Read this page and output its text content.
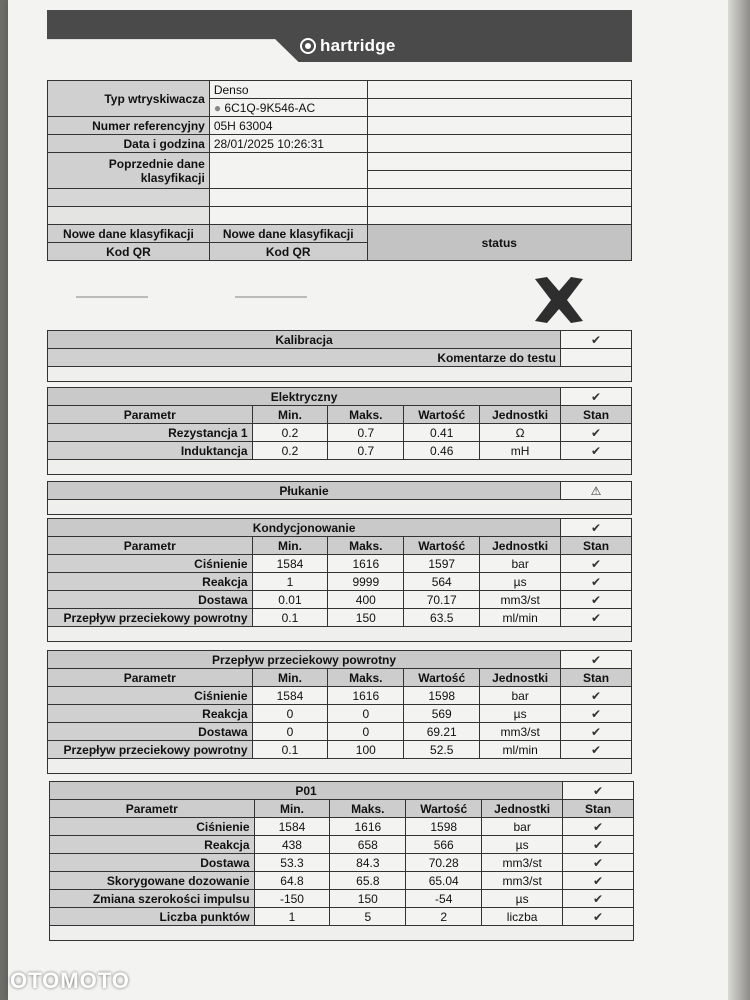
hartridge
Typ wtryskiwacza	Denso	
	● 6C1Q-9K546-AC	
Numer referencyjny	05H 63004	
Data i godzina	28/01/2025 10:26:31	
Poprzednie dane klasyfikacji		

Nowe dane klasyfikacji	Nowe dane klasyfikacji	status
Kod QR	Kod QR	
Kalibracja	✔
Komentarze do testu	

Elektryczny					✔
Parametr	Min.	Maks.	Wartość	Jednostki	Stan
Rezystancja 1	0.2	0.7	0.41	Ω	✔
Induktancja	0.2	0.7	0.46	mH	✔

Płukanie	⚠

Kondycjonowanie					✔
Parametr	Min.	Maks.	Wartość	Jednostki	Stan
Ciśnienie	1584	1616	1597	bar	✔
Reakcja	1	9999	564	µs	✔
Dostawa	0.01	400	70.17	mm3/st	✔
Przepływ przeciekowy powrotny	0.1	150	63.5	ml/min	✔

Przepływ przeciekowy powrotny					✔
Parametr	Min.	Maks.	Wartość	Jednostki	Stan
Ciśnienie	1584	1616	1598	bar	✔
Reakcja	0	0	569	µs	✔
Dostawa	0	0	69.21	mm3/st	✔
Przepływ przeciekowy powrotny	0.1	100	52.5	ml/min	✔

P01					✔
Parametr	Min.	Maks.	Wartość	Jednostki	Stan
Ciśnienie	1584	1616	1598	bar	✔
Reakcja	438	658	566	µs	✔
Dostawa	53.3	84.3	70.28	mm3/st	✔
Skorygowane dozowanie	64.8	65.8	65.04	mm3/st	✔
Zmiana szerokości impulsu	-150	150	-54	µs	✔
Liczba punktów	1	5	2	liczba	✔

OTOMOTO
